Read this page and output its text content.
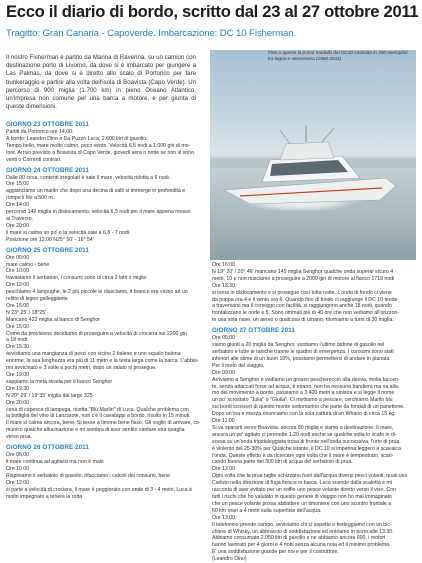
Ecco il diario di bordo, scritto dal 23 al 27 ottobre 2011
Tragitto: Gran Canaria - Capoverde. Imbarcazione: DC 10 Fisherman.
Il nostro Fisherman è partito da Marina di Ravenna, su un camion con destinazione porto di Livorno, da dove si è imbarcato per giungere a Las Palmas, da dove si è diretto allo scalo di Portorico per fare bunkeraggio e partire alla volta dell'isola di Boavista (Capo Verde). Un percorso di 900 miglia (1.700 km) in pieno Oceano Atlantico, un'impresa non comune per una barca a motore, e per giunta di queste dimensioni.
Fino a questa la prima modello del DC10 costruito in 250 esemplari tra legno e vetroresina (1966-2011)
GIORNO 23 OTTOBRE 2011
Partiti da Portorico ore 14.00.
A bordo: Leandro Dino e Da Puzzo Luca, 2.600 litri di gasolio.
Tempo bello, mare molto calmo, poco vento. Velocità 6,5 nodi a 1.000 giri di mo-
tore. Arrivo previsto a Boavista di Capo Verde, giovedì sera o notte se non vi sono
venti o Correnti contrari.
GIORNO 24 OTTOBRE 2011
Dalle 00 circa, contenti irregolari e sale il mare, velocità ridotta a 6 nodi.
Ore 15:00
aggianciamo un marlin che dopo una decina di salti si immerge in profondità e
rompe il filo a 500 m.
Ore 14:00
percorso 142 miglia in disiocamento, velocità 6,5 nodi per il mare appena mosso
al Traverso.
Ore 20:00
il mare si calma un po' e la velocità sale a 6,8 - 7 nodi.
Posizione ore 12:00 N25° 50' - 16° 54'
GIORNO 25 OTTOBRE 2011
Ore 00:00
mare calmo - bene
Ore 10:00
travasiamo il serbatoio, i consumi sono di circa 2 latri x miglio
Ore 12:00
peschiamo 4 lampughe, le 2 più piccole le rilasciamo, il branco era vicino ad un
relitto di legno galleggiante
Ore 15:00
N 23° 25' / 18°25'
Mancano 422 miglia al banco di Senghor
Ore 15:00
Come da previsione decidiamo di proseguire a velocità di crociera sui 2200 giri
a 18 nodi
Ore 15:30
avvistiamo una mangianza di pesci con vicino 2 balene e uno squalo balena
enorme, la sua lunghezza era più di 11 metri e la testa larga come la barca. L'abbia-
mo avvicinato e 3 volte a pochi metri, dopo un saluto si prosegue.
Ore 19:00
sappiamo la metà strada per il banco Senghor
Ore 19:30
N 20° 29' / 19°35' miglia dal largo 325
Ore 20:00
cena di capesce di lampuga, ricetta "Blu Marlin" di Luca. Qualche problema con
la bottiglia del vino di Lanzarote, non c'è il cavatappi a bordo, risolto in 15 minuti.
Il mare si calma ancora, bene. Si tesse a timone bene fisso. Gli voglio di arrivare, co-
munico qualche allucinazione e mi sembra di aver sentito cantare una quaglia
verso prua.
GIORNO 26 OTTOBRE 2011
Ore 06:00
il mare continua ad agitarsi ma non è male
Ore 10:00
Rispiniamo il serbatoio di gasolio, rifacciamo i calcoli dei consumi, bene
Ore 12:00
si parte a velocità di crociera, il mare è peggiorato con onde di 3 - 4 metri, Luca è
molto impegnato a tenere la rotta
Ore 16:00
N 19° 20' / 20° 46' mancano 145 miglia Senghor qualche onda superai sicuro 4
metri, 10 e non riusciamo a proseguire a 2000 giri di motore al fianco 1718 nodi
Ore 18:30
si torna in dislocamento e si prosegue così tutta notte. L'onda di fondo ci viene
da poppa ora 4 e il vento ora 6. Quando fino di fondo ci raggiunge il DC 10 tende
a traversarsi ma il correggo con facilità, si raggiungono anche 18 nodi, quando
frontalizzano le onde e 5. Sono otrimati più di 40 ore che non vediamo all'orizzon-
te una sola nave, un aereo o qualcosa di umano, ritorniamo a turni di 30 miglia.
GIORNO 27 OTTOBRE 2011
Ore 05:00
siamo giunti a 20 miglia da Senghor, vuotiamo l'ultimo bidone di gasolio nel
serbatoio e tutte le taniche tranne le quattro di emergenza. I consumi sono stati
inferiori alle stime di un buon 10%, possiamo permetterci di andare in planata
Per il resto del viaggio.
Ore 09:00
Arriviamo a Senghor e vediamo un grosso peschereccio alla deriva, molla faccen-
te, senza attaccati forse ad acqua, è strano, non ha nessuna bandiera ma va alla-
mo del movimento a bordo, passiamo a 3.400 metri a sinistra e si legge il nome
un po' scrostato "Julia" o "Giulia". Ci mettiamo a pescare, cerchiamo Marlin blu
sui bordi scosceri di questo monte sottomarino che parte da fondali di un panettone.
Dopo un'ora e mezza rinunciamo con la sola cattura di un Whaoo di circa 15 kg.
Ore 11:00
Si va spararti verso Boavista, ancora 80 miglia e siamo a destinazione. Il mare,
ancora un po' agitato ci permette 1.20 nodi anche se qualche volta lo scafo in di-
scesa su un'onda tripidaleggiata trova di fronte nell'onda successiva, l'urto di prua
è violento del 25-30% per Qualche istante, il DC 10 si impenna leggero e scavalca
l'onda. Queste effetto è da ricercare ogni volta che il mare è tempestrato, scari-
cando buona parte dei 300 litri di acqua del serbatoio di prua.
Ore 12:00
Ogni volta che la prua taglie schizzano fuori dall'acqua diversi pesci volanti, qualcuno
Caduto nella direzione di fuga finisce in barca. Luca scende dalla scaletta e mi
racconta di aver evitato per un soffio uno pesce volante diretto verso il viso. Con
tutti i rischi che ho valutato in questo genere di viaggio non ho mai immaginato
che un pesce volante possa abbattere un timoniere con uno scontro frontale a
60 km orari a 4 metri sulla superficie dell'acqua.
Ore 13:00
Il telefonino prende campo, avvisiamo chi ci aspetta e festeggiamo con un bic-
chiere di Whisky, un abbraccio di soddisfazione ed entriamo in porto alle 13:30.
Abbiamo consumato 2.050 litri di gasolio e ne abbiamo ancora 600, i motori
hanno lavorato per 4 giorni e 4 notti senza alcuna noia ed il minimo problema.
E' una soddisfazione grande per noi e per il costruttore.
(Leandro Dino)
